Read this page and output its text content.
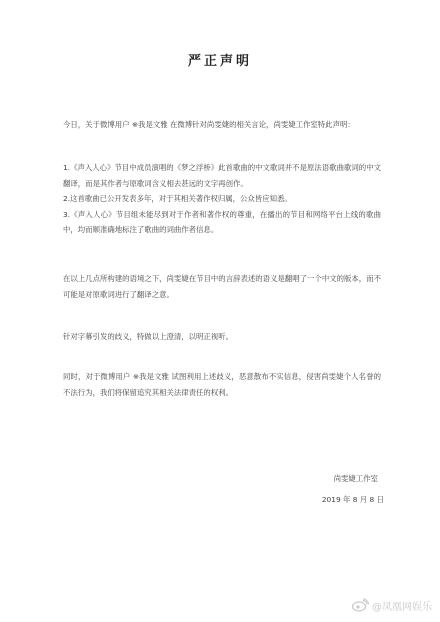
严正声明
今日，关于微博用户 ※我是文雅 在微博针对尚雯婕的相关言论，尚雯婕工作室特此声明：

1.《声入人心》节目中成员演唱的《梦之浮桥》此首歌曲的中文歌词并不是原法语歌曲歌词的中文翻译，而是其作者与原歌词含义相去甚远的文字再创作。

2.这首歌曲已公开发表多年，对于其相关著作权归属，公众皆应知悉。

3.《声入人心》节目组未能尽到对于作者和著作权的尊重，在播出的节目和网络平台上线的歌曲中，均而顺准确地标注了歌曲的词曲作者信息。

在以上几点所构建的语境之下，尚雯婕在节目中的言辞表述的语义是翻唱了一个中文的版本，而不可能是对原歌词进行了翻译之意。
针对字幕引发的歧义，特做以上澄清，以明正视听。
同时，对于微博用户 ※我是文雅 试图利用上述歧义，恶意散布不实信息，侵害尚雯婕个人名誉的不法行为，我们将保留追究其相关法律责任的权利。
尚雯婕工作室
2019 年 8 月 8 日
@凤凰网娱乐
